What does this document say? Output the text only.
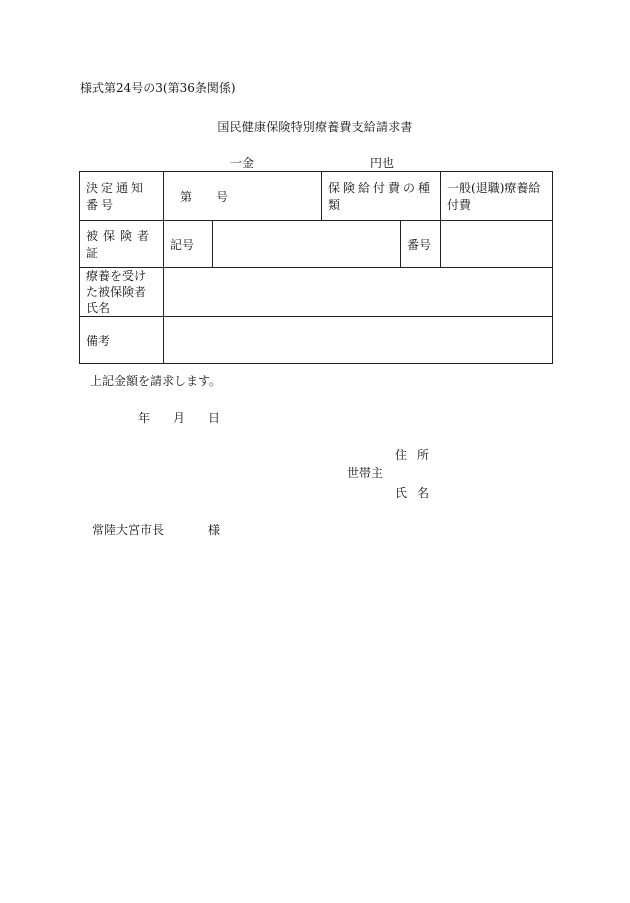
様式第24号の3(第36条関係)
国民健康保険特別療養費支給請求書
一金	円也
決定通知番号	第　　号		保険給付費の種類		一般(退職)療養給付費
被保険者証	記号			番号	
療養を受けた被保険者氏名					
備考					
上記金額を請求します。
年 月 日
住所
世帯主
氏名
常陸大宮市長	様
